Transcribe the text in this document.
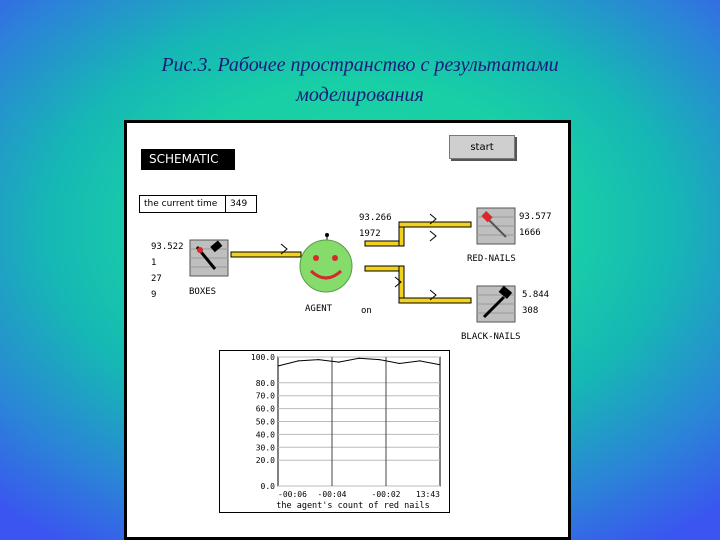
Рис.3. Рабочее пространство с результатами
моделирования
SCHEMATIC
start
the current time	349
93.522
1
27
9	BOXES
93.266
1972
AGENT	on
93.577
1666
RED-NAILS
5.844
308
BLACK-NAILS
100.0
80.0
70.0
60.0
50.0
40.0
30.0
20.0
0.0
-00:06 -00:04	-00:02 13:43
the agent's count of red nails
